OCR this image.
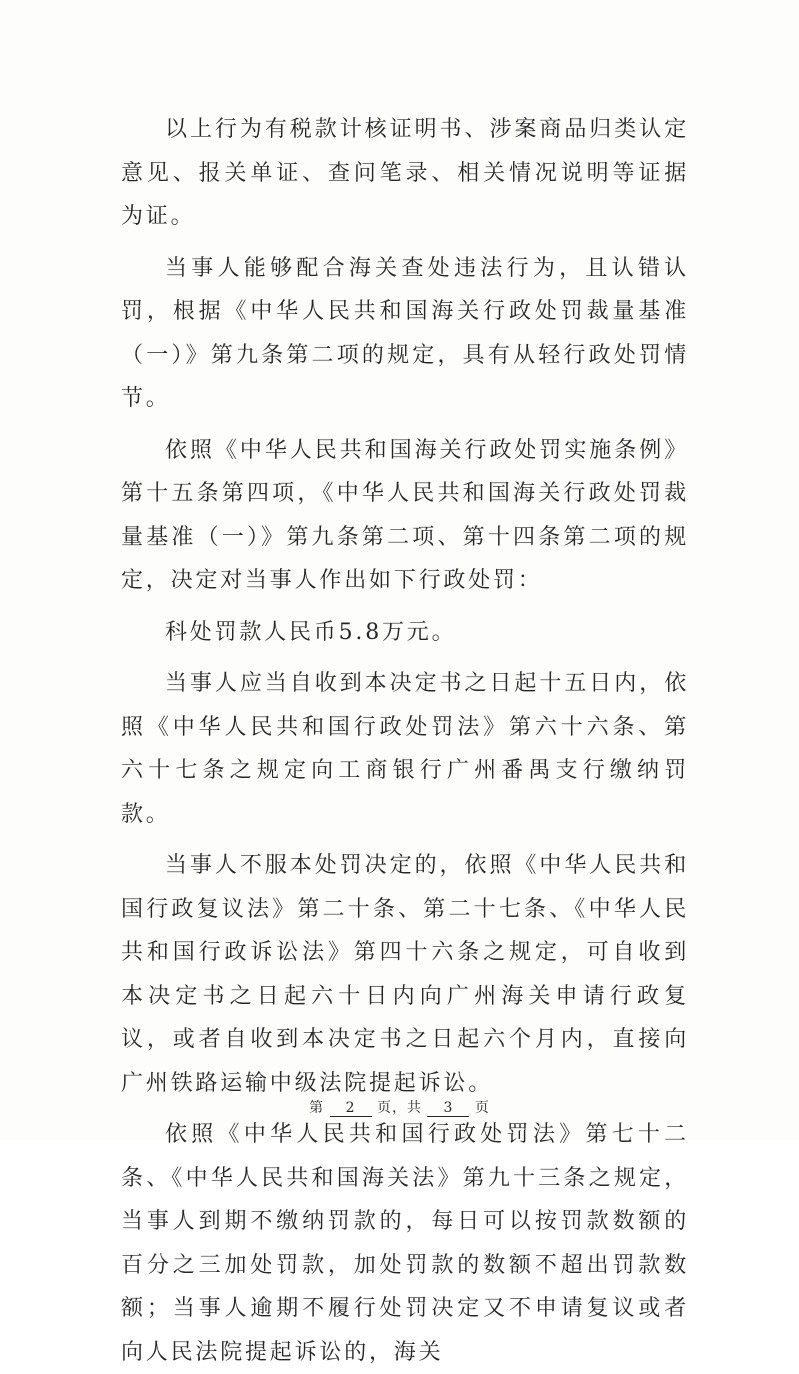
以上行为有税款计核证明书、涉案商品归类认定意见、报关单证、查问笔录、相关情况说明等证据为证。

当事人能够配合海关查处违法行为，且认错认罚，根据《中华人民共和国海关行政处罚裁量基准（一）》第九条第二项的规定，具有从轻行政处罚情节。

依照《中华人民共和国海关行政处罚实施条例》第十五条第四项，《中华人民共和国海关行政处罚裁量基准（一）》第九条第二项、第十四条第二项的规定，决定对当事人作出如下行政处罚：

科处罚款人民币5.8万元。

当事人应当自收到本决定书之日起十五日内，依照《中华人民共和国行政处罚法》第六十六条、第六十七条之规定向工商银行广州番禺支行缴纳罚款。

当事人不服本处罚决定的，依照《中华人民共和国行政复议法》第二十条、第二十七条、《中华人民共和国行政诉讼法》第四十六条之规定，可自收到本决定书之日起六十日内向广州海关申请行政复议，或者自收到本决定书之日起六个月内，直接向广州铁路运输中级法院提起诉讼。

依照《中华人民共和国行政处罚法》第七十二条、《中华人民共和国海关法》第九十三条之规定，当事人到期不缴纳罚款的，每日可以按罚款数额的百分之三加处罚款，加处罚款的数额不超出罚款数额；当事人逾期不履行处罚决定又不申请复议或者向人民法院提起诉讼的，海关

第 2 页，共 3 页
